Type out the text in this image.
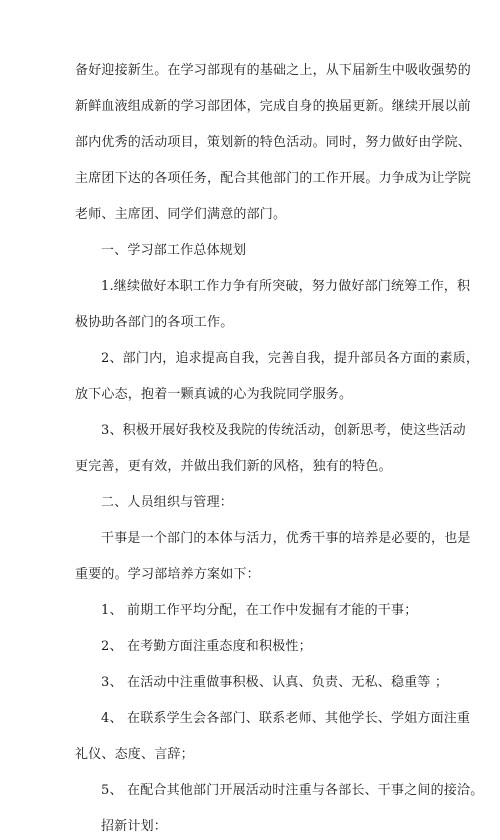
备好迎接新生。在学习部现有的基础之上，从下届新生中吸收强势的
新鲜血液组成新的学习部团体，完成自身的换届更新。继续开展以前
部内优秀的活动项目，策划新的特色活动。同时，努力做好由学院、
主席团下达的各项任务，配合其他部门的工作开展。力争成为让学院
老师、主席团、同学们满意的部门。
一、学习部工作总体规划
1.继续做好本职工作力争有所突破，努力做好部门统筹工作，积
极协助各部门的各项工作。
2、部门内，追求提高自我，完善自我，提升部员各方面的素质，
放下心态，抱着一颗真诚的心为我院同学服务。
3、积极开展好我校及我院的传统活动，创新思考，使这些活动
更完善，更有效，并做出我们新的风格，独有的特色。
二、人员组织与管理：
干事是一个部门的本体与活力，优秀干事的培养是必要的，也是
重要的。学习部培养方案如下：
1、 前期工作平均分配，在工作中发掘有才能的干事；
2、 在考勤方面注重态度和积极性；
3、 在活动中注重做事积极、认真、负责、无私、稳重等 ；
4、 在联系学生会各部门、联系老师、其他学长、学姐方面注重
礼仪、态度、言辞；
5、 在配合其他部门开展活动时注重与各部长、干事之间的接洽。
招新计划：
